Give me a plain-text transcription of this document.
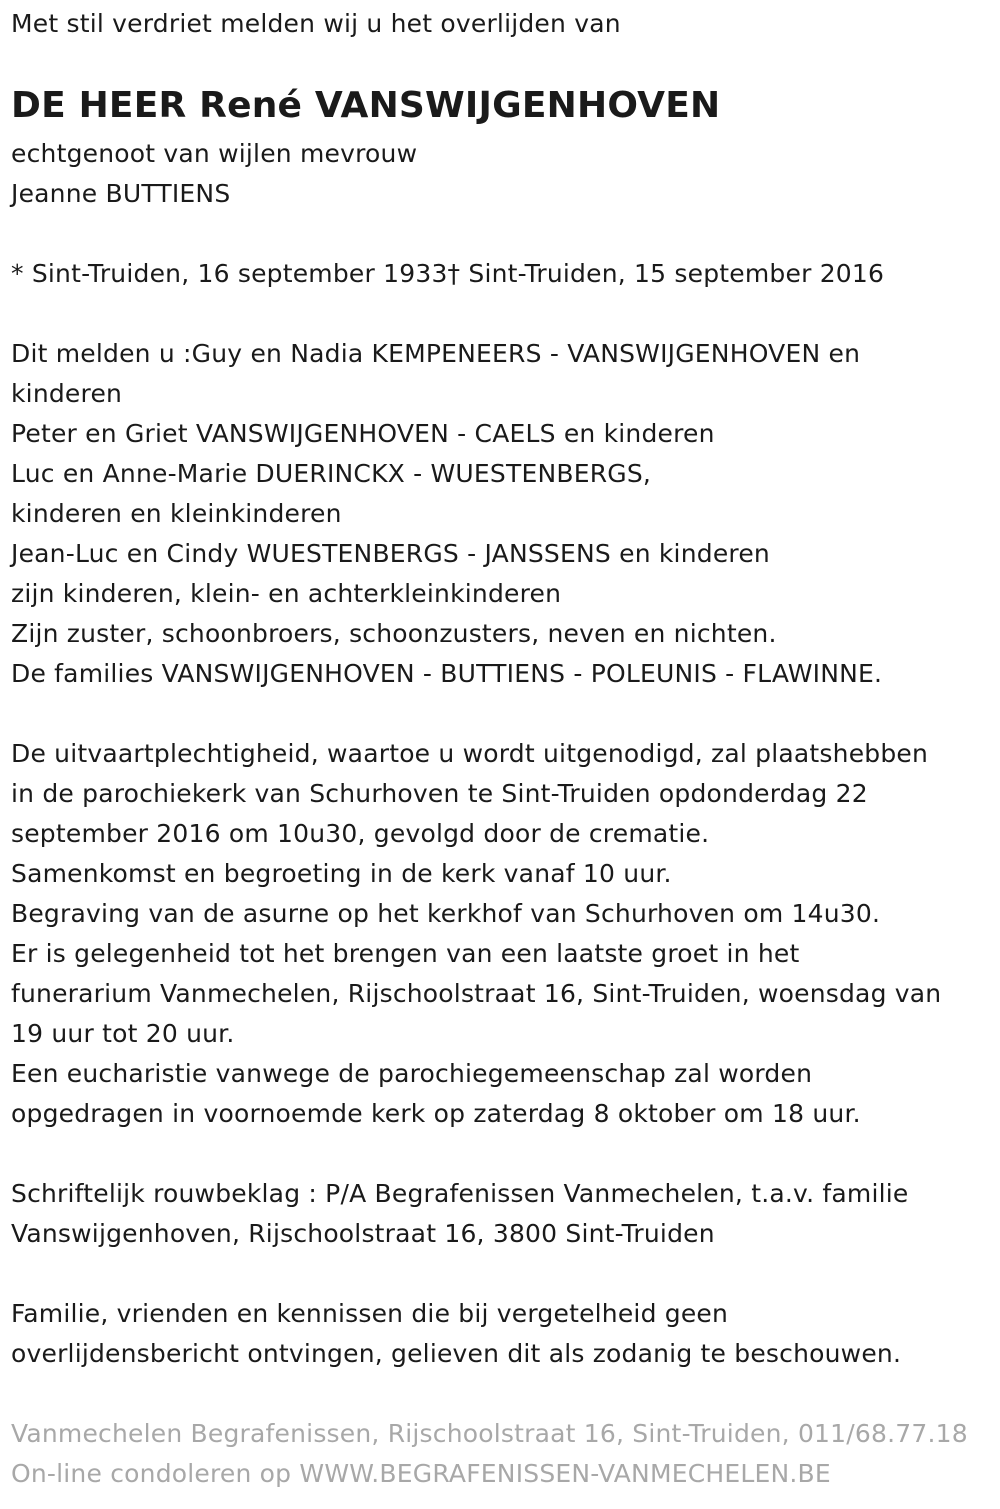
Met stil verdriet melden wij u het overlijden van

DE HEER René VANSWIJGENHOVEN

echtgenoot van wijlen mevrouw

Jeanne BUTTIENS

* Sint-Truiden, 16 september 1933† Sint-Truiden, 15 september 2016

Dit melden u :Guy en Nadia KEMPENEERS - VANSWIJGENHOVEN en

kinderen

Peter en Griet VANSWIJGENHOVEN - CAELS en kinderen

Luc en Anne-Marie DUERINCKX - WUESTENBERGS,

kinderen en kleinkinderen

Jean-Luc en Cindy WUESTENBERGS - JANSSENS en kinderen

zijn kinderen, klein- en achterkleinkinderen

Zijn zuster, schoonbroers, schoonzusters, neven en nichten.

De families VANSWIJGENHOVEN - BUTTIENS - POLEUNIS - FLAWINNE.

De uitvaartplechtigheid, waartoe u wordt uitgenodigd, zal plaatshebben

in de parochiekerk van Schurhoven te Sint-Truiden opdonderdag 22

september 2016 om 10u30, gevolgd door de crematie.

Samenkomst en begroeting in de kerk vanaf 10 uur.

Begraving van de asurne op het kerkhof van Schurhoven om 14u30.

Er is gelegenheid tot het brengen van een laatste groet in het

funerarium Vanmechelen, Rijschoolstraat 16, Sint-Truiden, woensdag van

19 uur tot 20 uur.

Een eucharistie vanwege de parochiegemeenschap zal worden

opgedragen in voornoemde kerk op zaterdag 8 oktober om 18 uur.

Schriftelijk rouwbeklag : P/A Begrafenissen Vanmechelen, t.a.v. familie

Vanswijgenhoven, Rijschoolstraat 16, 3800 Sint-Truiden

Familie, vrienden en kennissen die bij vergetelheid geen

overlijdensbericht ontvingen, gelieven dit als zodanig te beschouwen.

Vanmechelen Begrafenissen, Rijschoolstraat 16, Sint-Truiden, 011/68.77.18

On-line condoleren op WWW.BEGRAFENISSEN-VANMECHELEN.BE
